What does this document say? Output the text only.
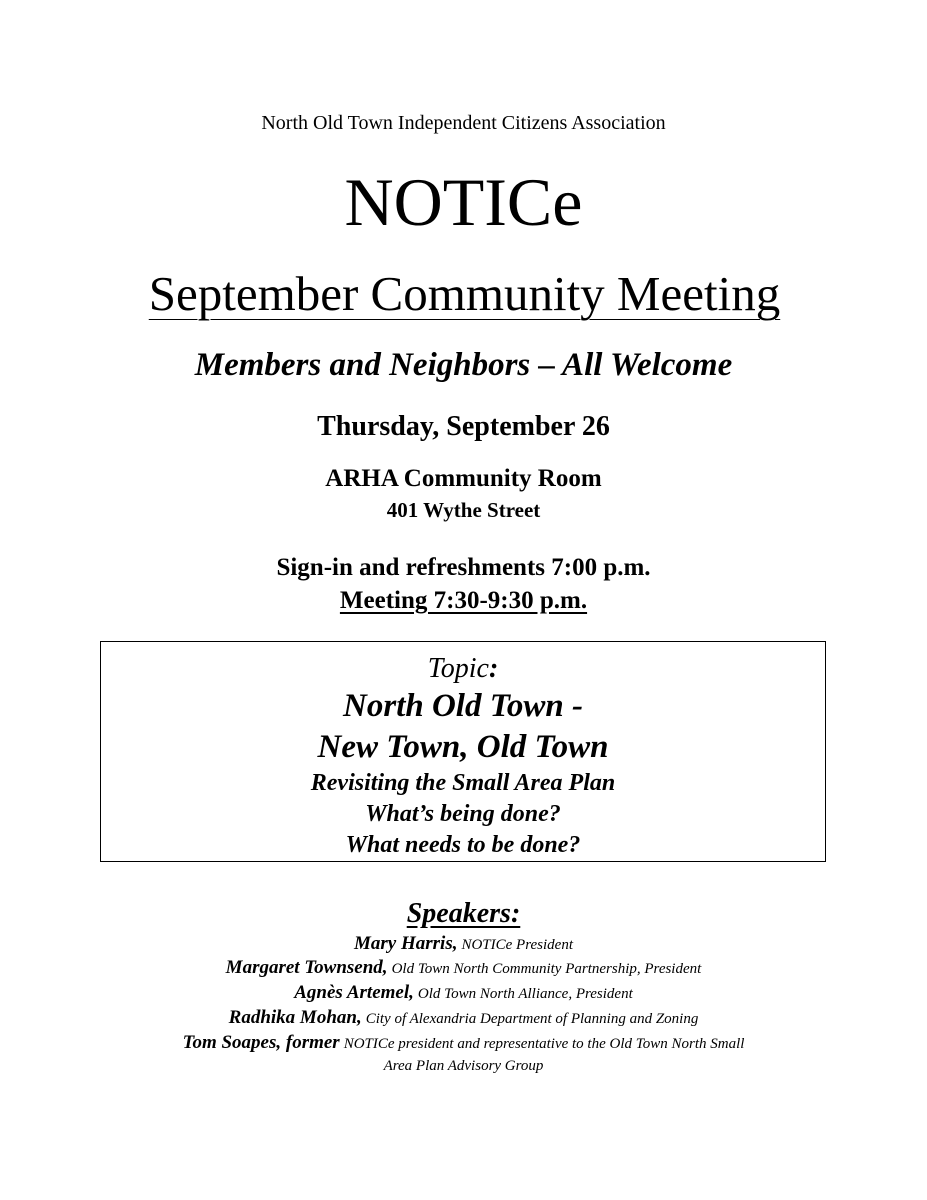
North Old Town Independent Citizens Association
NOTICe
September Community Meeting
Members and Neighbors – All Welcome
Thursday, September 26
ARHA Community Room
401 Wythe Street
Sign-in and refreshments 7:00 p.m.
Meeting 7:30-9:30 p.m.
Topic:
North Old Town -
New Town, Old Town
Revisiting the Small Area Plan
What’s being done?
What needs to be done?
Speakers:
Mary Harris, NOTICe President
Margaret Townsend, Old Town North Community Partnership, President
Agnès Artemel, Old Town North Alliance, President
Radhika Mohan, City of Alexandria Department of Planning and Zoning
Tom Soapes, former NOTICe president and representative to the Old Town North Small
Area Plan Advisory Group
